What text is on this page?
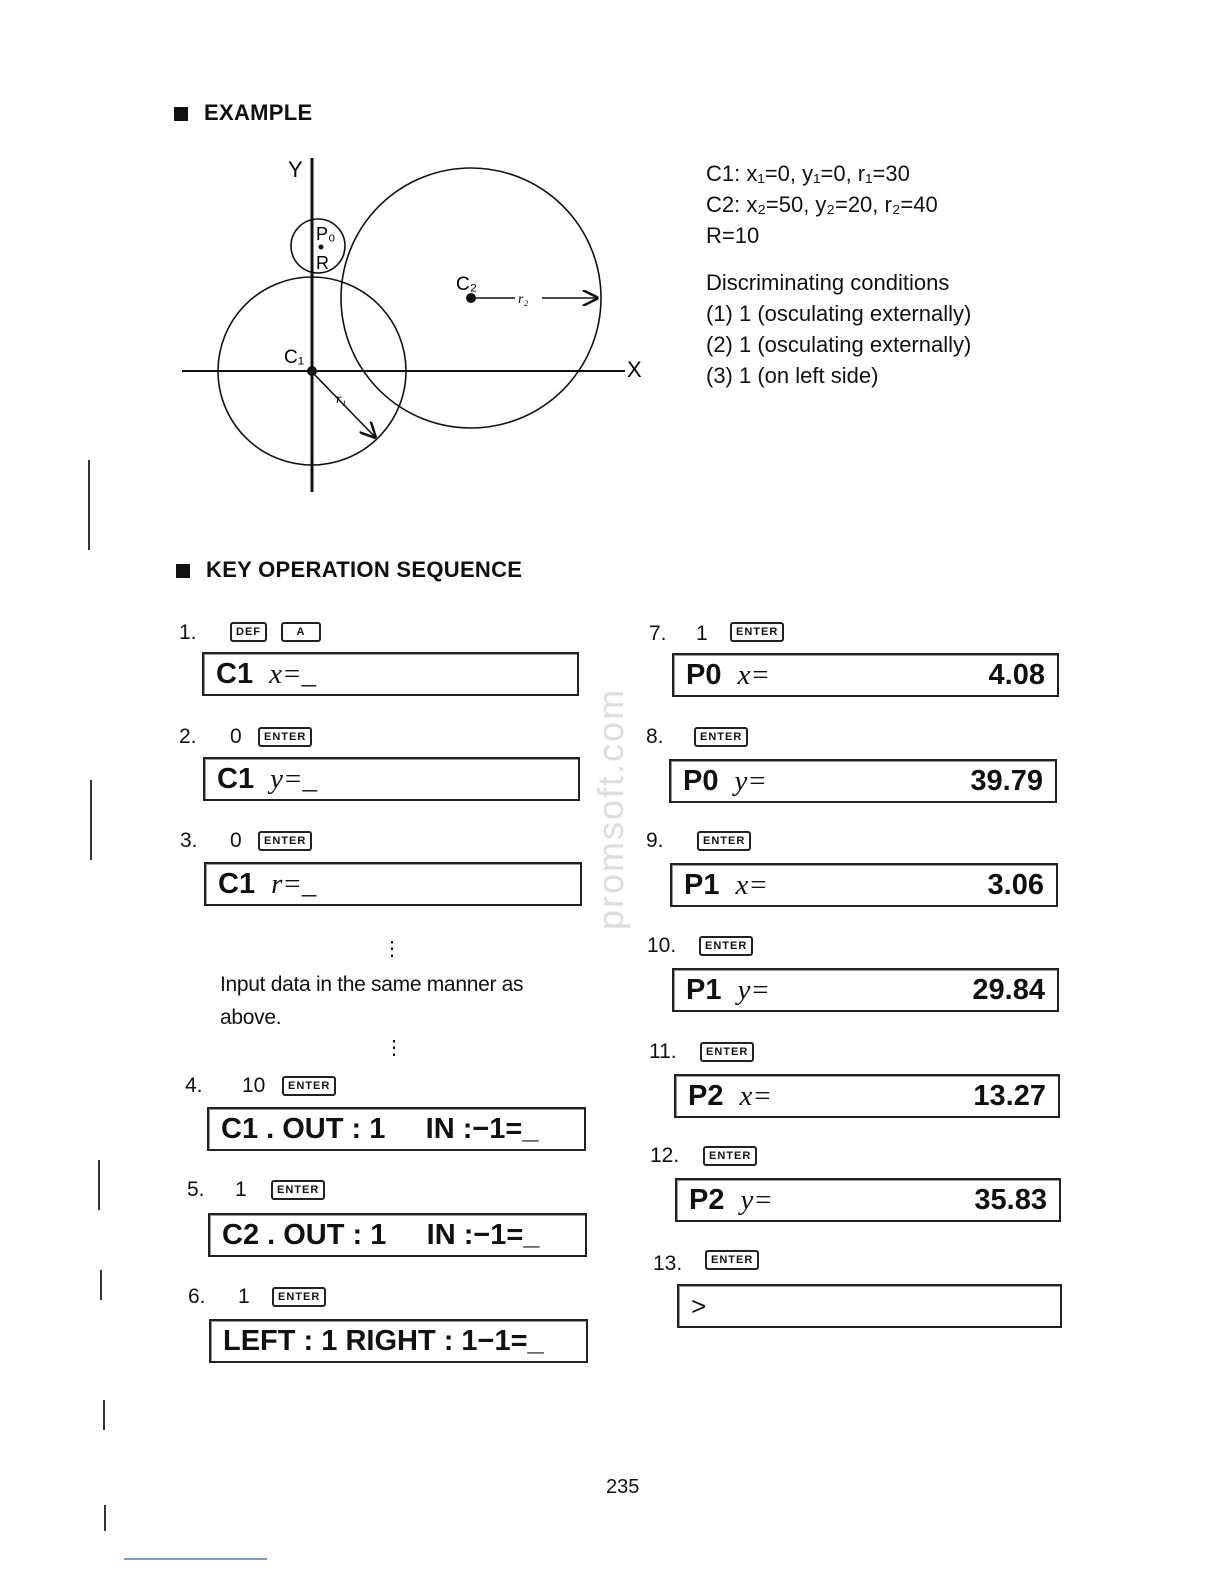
EXAMPLE
Y
X
C₁
C₂
r₁
r₂
P₀
R
C1: x₁=0, y₁=0, r₁=30
C2: x₂=50, y₂=20, r₂=40
R=10
Discriminating conditions
(1) 1 (osculating externally)
(2) 1 (osculating externally)
(3) 1 (on left side)
KEY OPERATION SEQUENCE
promsoft.com
1.	DEF	A
C1 x=_
2. 0	ENTER
C1 y=_
3. 0	ENTER
C1 r=_
⋮
Input data in the same manner as
above.
⋮
4. 10	ENTER
C1 . OUT : 1     IN :−1=_
5. 1	ENTER
C2 . OUT : 1     IN :−1=_
6. 1	ENTER
LEFT : 1 RIGHT : 1−1=_
7. 1	ENTER
P0 x=	4.08
8.	ENTER
P0 y=	39.79
9.	ENTER
P1 x=	3.06
10.	ENTER
P1 y=	29.84
11.	ENTER
P2 x=	13.27
12.	ENTER
P2 y=	35.83
13.	ENTER
>
235
